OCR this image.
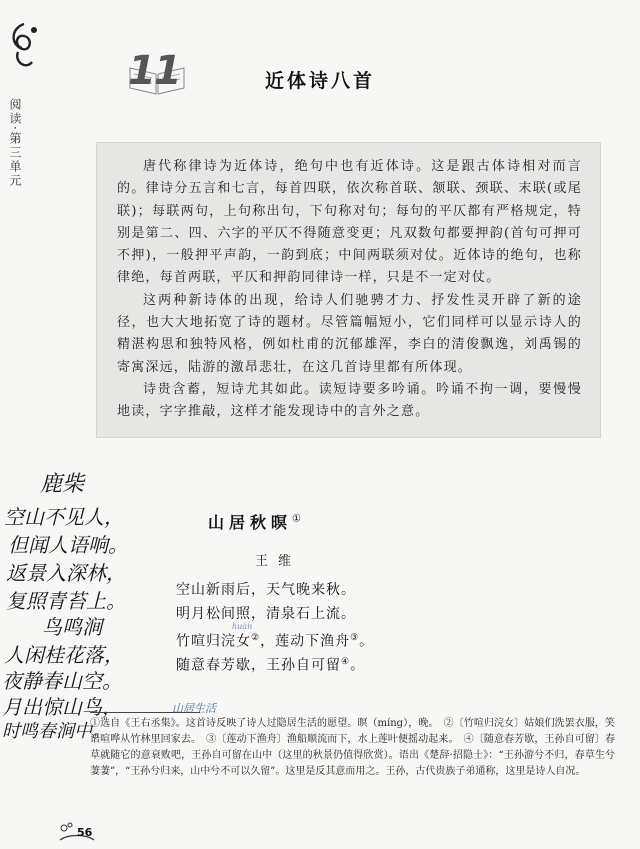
阅读·第三单元
11	近体诗八首

唐代称律诗为近体诗，绝句中也有近体诗。这是跟古体诗相对而言的。律诗分五言和七言，每首四联，依次称首联、颔联、颈联、末联(或尾联)；每联两句，上句称出句，下句称对句；每句的平仄都有严格规定，特别是第二、四、六字的平仄不得随意变更；凡双数句都要押韵(首句可押可不押)，一般押平声韵，一韵到底；中间两联须对仗。近体诗的绝句，也称律绝，每首两联，平仄和押韵同律诗一样，只是不一定对仗。

这两种新诗体的出现，给诗人们驰骋才力、抒发性灵开辟了新的途径，也大大地拓宽了诗的题材。尽管篇幅短小，它们同样可以显示诗人的精湛构思和独特风格，例如杜甫的沉郁雄浑，李白的清俊飘逸，刘禹锡的寄寓深远，陆游的激昂悲壮，在这几首诗里都有所体现。

诗贵含蓄，短诗尤其如此。读短诗要多吟诵。吟诵不拘一调，要慢慢地读，字字推敲，这样才能发现诗中的言外之意。

鹿柴
空山不见人，
但闻人语响。
返景入深林，
复照青苔上。
鸟鸣涧
人闲桂花落，
夜静春山空。
月出惊山鸟，
时鸣春涧中。
山居秋暝①
王维
空山新雨后，天气晚来秋。
明月松间照，清泉石上流。
竹喧归浣女②，莲动下渔舟③。
随意春芳歇，王孙自可留④。
huàn
山居生活
①选自《王右丞集》。这首诗反映了诗人过隐居生活的愿望。暝（míng），晚。　②〔竹喧归浣女〕姑娘们洗罢衣服，笑语喧哗从竹林里回家去。　③〔莲动下渔舟〕渔船顺流而下，水上莲叶便摇动起来。　④〔随意春芳歇，王孙自可留〕春草就随它的意衰败吧，王孙自可留在山中（这里的秋景仍值得欣赏）。语出《楚辞·招隐士》：“王孙游兮不归，春草生兮萋萋”，“王孙兮归来，山中兮不可以久留”。这里是反其意而用之。王孙，古代贵族子弟通称，这里是诗人自况。
56
